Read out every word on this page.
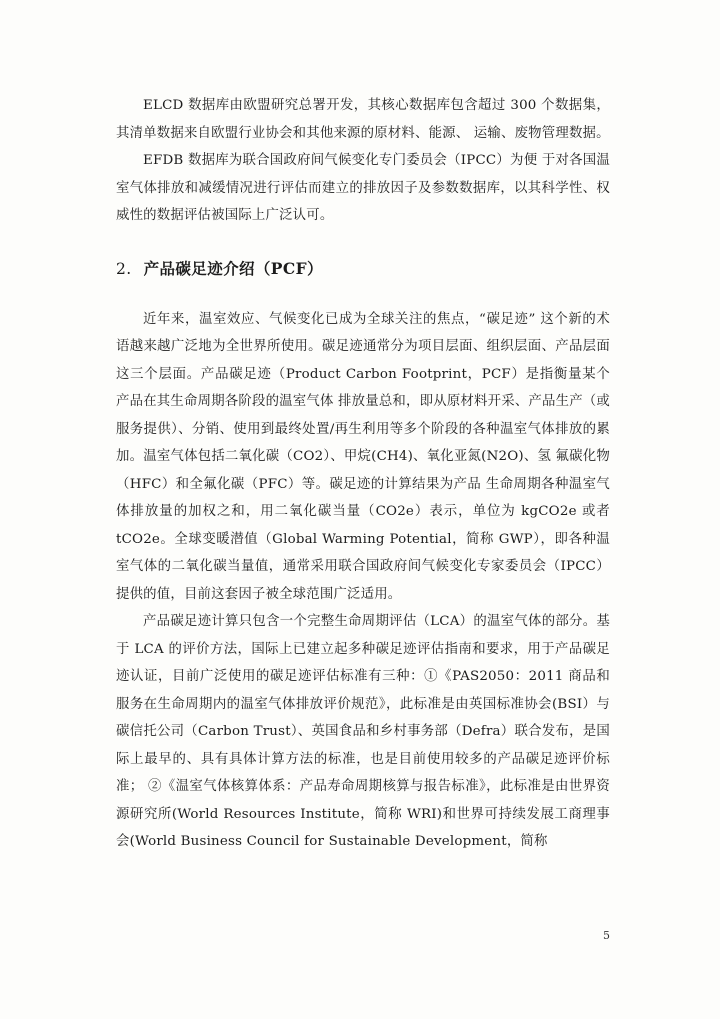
ELCD 数据库由欧盟研究总署开发，其核心数据库包含超过 300 个数据集，其清单数据来自欧盟行业协会和其他来源的原材料、能源、 运输、废物管理数据。

EFDB 数据库为联合国政府间气候变化专门委员会（IPCC）为便 于对各国温室气体排放和减缓情况进行评估而建立的排放因子及参数数据库，以其科学性、权威性的数据评估被国际上广泛认可。

2. 产品碳足迹介绍（PCF）

近年来，温室效应、气候变化已成为全球关注的焦点，“碳足迹” 这个新的术语越来越广泛地为全世界所使用。碳足迹通常分为项目层面、组织层面、产品层面这三个层面。产品碳足迹（Product Carbon Footprint，PCF）是指衡量某个产品在其生命周期各阶段的温室气体 排放量总和，即从原材料开采、产品生产（或服务提供）、分销、使用到最终处置/再生利用等多个阶段的各种温室气体排放的累加。温室气体包括二氧化碳（CO2）、甲烷(CH4)、氧化亚氮(N2O)、氢 氟碳化物（HFC）和全氟化碳（PFC）等。碳足迹的计算结果为产品 生命周期各种温室气体排放量的加权之和，用二氧化碳当量（CO2e）表示，单位为 kgCO2e 或者 tCO2e。全球变暖潜值（Global Warming Potential，简称 GWP），即各种温室气体的二氧化碳当量值，通常采用联合国政府间气候变化专家委员会（IPCC）提供的值，目前这套因子被全球范围广泛适用。

产品碳足迹计算只包含一个完整生命周期评估（LCA）的温室气体的部分。基于 LCA 的评价方法，国际上已建立起多种碳足迹评估指南和要求，用于产品碳足迹认证，目前广泛使用的碳足迹评估标准有三种：①《PAS2050：2011 商品和服务在生命周期内的温室气体排放评价规范》，此标准是由英国标准协会(BSI）与碳信托公司（Carbon Trust）、英国食品和乡村事务部（Defra）联合发布，是国际上最早的、具有具体计算方法的标准，也是目前使用较多的产品碳足迹评价标准； ②《温室气体核算体系：产品寿命周期核算与报告标准》，此标准是由世界资源研究所(World Resources Institute，简称 WRI)和世界可持续发展工商理事会(World Business Council for Sustainable Development，简称

5
